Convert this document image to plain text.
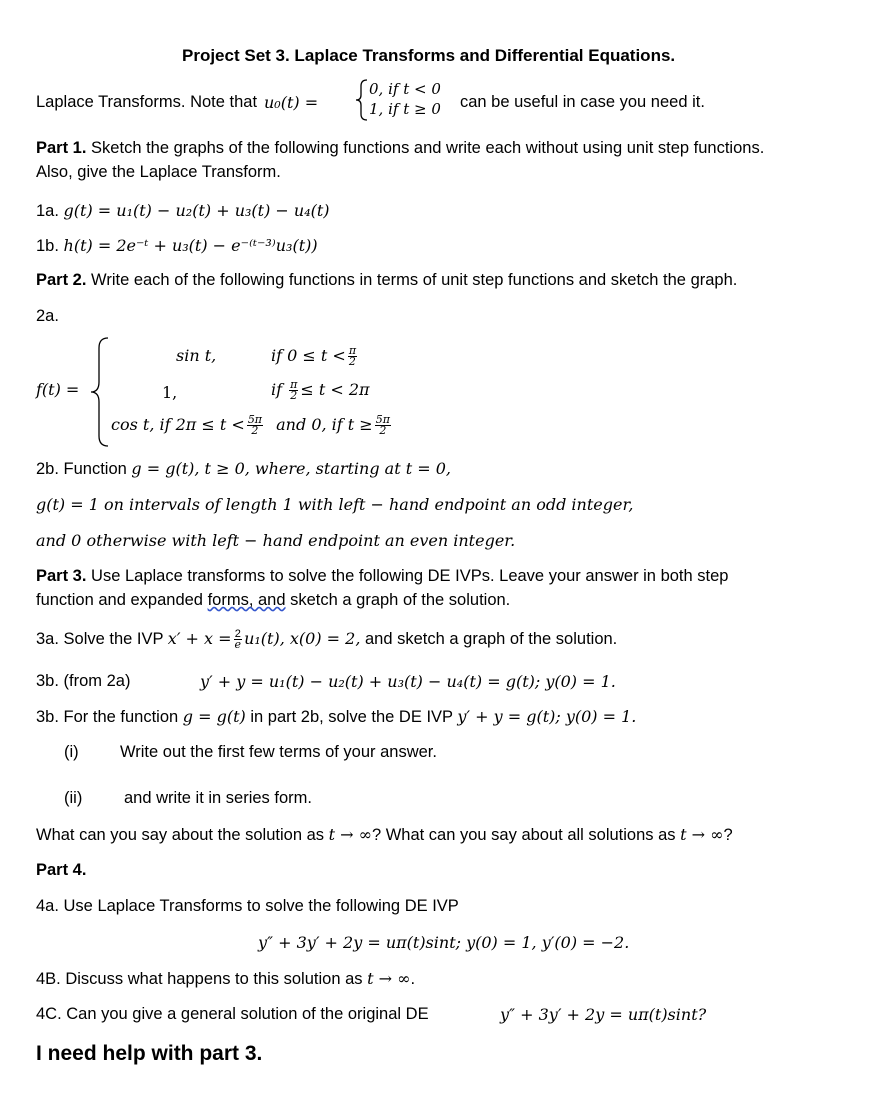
Project Set 3. Laplace Transforms and Differential Equations.
Laplace Transforms. Note that u₀(t) =
0, if t < 0
1, if t ≥ 0 can be useful in case you need it.
Part 1. Sketch the graphs of the following functions and write each without using unit step functions.
Also, give the Laplace Transform.
1a. g(t) = u₁(t) − u₂(t) + u₃(t) − u₄(t)
1b. h(t) = 2e⁻ᵗ + u₃(t) − e⁻⁽ᵗ⁻³⁾u₃(t))
Part 2. Write each of the following functions in terms of unit step functions and sketch the graph.
2a.
f(t) =
sin t,	if $0 \le t < \frac{\pi}{2}$
1,	if $\frac{\pi}{2} \le t < 2\pi$
cos t, if $2\pi \le t < \frac{5\pi}{2}$ and 0, if $t \ge \frac{5\pi}{2}$
2b. Function g = g(t), t ≥ 0, where, starting at t = 0,
g(t) = 1 on intervals of length 1 with left − hand endpoint an odd integer,
and 0 otherwise with left − hand endpoint an even integer.
Part 3. Use Laplace transforms to solve the following DE IVPs. Leave your answer in both step
function and expanded forms, and sketch a graph of the solution.
3a. Solve the IVP $x' + x = \frac{2}{e} u_1(t)$, x(0) = 2, and sketch a graph of the solution.
3b. (from 2a)	y′ + y = u₁(t) − u₂(t) + u₃(t) − u₄(t) = g(t); y(0) = 1.
3b. For the function g = g(t) in part 2b, solve the DE IVP y′ + y = g(t); y(0) = 1.
(i)	Write out the first few terms of your answer.
(ii)	and write it in series form.
What can you say about the solution as t → ∞? What can you say about all solutions as t → ∞?
Part 4.
4a. Use Laplace Transforms to solve the following DE IVP
y″ + 3y′ + 2y = uπ(t)sint; y(0) = 1, y′(0) = −2.
4B. Discuss what happens to this solution as t → ∞.
4C. Can you give a general solution of the original DE	y″ + 3y′ + 2y = uπ(t)sint?
I need help with part 3.
